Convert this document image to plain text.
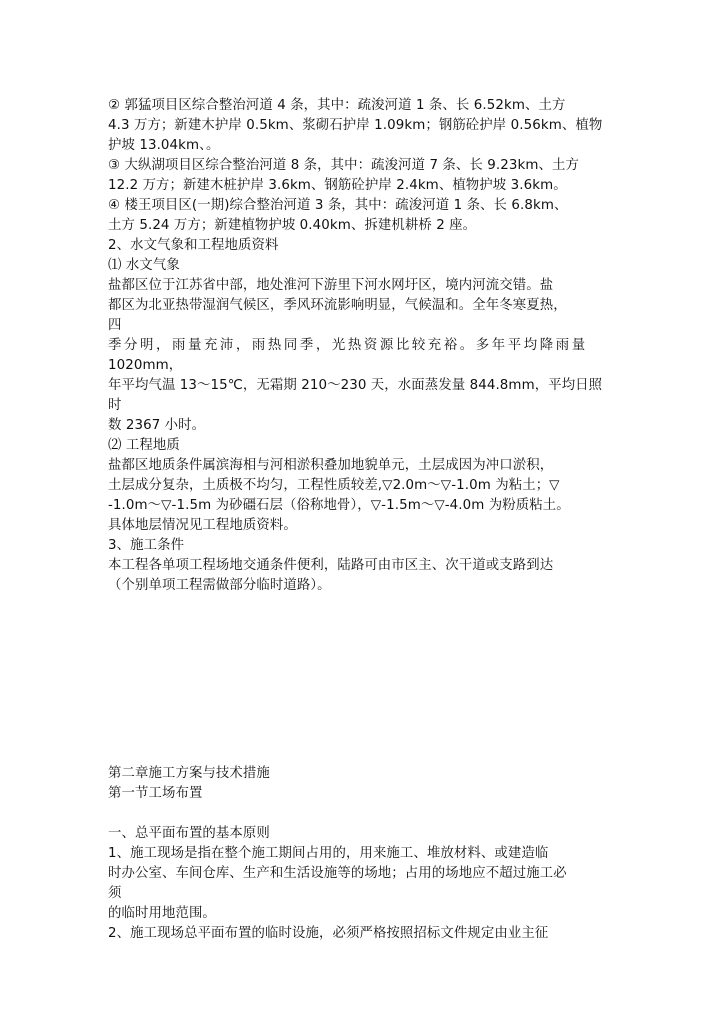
② 郭猛项目区综合整治河道 4 条，其中：疏浚河道 1 条、长 6.52km、土方
4.3 万方；新建木护岸 0.5km、浆砌石护岸 1.09km；钢筋砼护岸 0.56km、植物
护坡 13.04km、。
③ 大纵湖项目区综合整治河道 8 条，其中：疏浚河道 7 条、长 9.23km、土方
12.2 万方；新建木桩护岸 3.6km、钢筋砼护岸 2.4km、植物护坡 3.6km。
④ 楼王项目区(一期)综合整治河道 3 条，其中：疏浚河道 1 条、长 6.8km、
土方 5.24 万方；新建植物护坡 0.40km、拆建机耕桥 2 座。
2、水文气象和工程地质资料
⑴ 水文气象
盐都区位于江苏省中部，地处淮河下游里下河水网圩区，境内河流交错。盐
都区为北亚热带湿润气候区，季风环流影响明显，气候温和。全年冬寒夏热，
四
季分明，雨量充沛，雨热同季，光热资源比较充裕。多年平均降雨量
1020mm，
年平均气温 13～15℃，无霜期 210～230 天，水面蒸发量 844.8mm，平均日照
时
数 2367 小时。
⑵ 工程地质
盐都区地质条件属滨海相与河相淤积叠加地貌单元，土层成因为冲口淤积，
土层成分复杂，土质极不均匀，工程性质较差,▽2.0m～▽-1.0m 为粘土；▽
-1.0m～▽-1.5m 为砂礓石层（俗称地骨），▽-1.5m～▽-4.0m 为粉质粘土。
具体地层情况见工程地质资料。
3、施工条件
本工程各单项工程场地交通条件便利，陆路可由市区主、次干道或支路到达
（个别单项工程需做部分临时道路）。
第二章施工方案与技术措施
第一节工场布置
一、总平面布置的基本原则
1、施工现场是指在整个施工期间占用的，用来施工、堆放材料、或建造临
时办公室、车间仓库、生产和生活设施等的场地；占用的场地应不超过施工必
须
的临时用地范围。
2、施工现场总平面布置的临时设施，必须严格按照招标文件规定由业主征
